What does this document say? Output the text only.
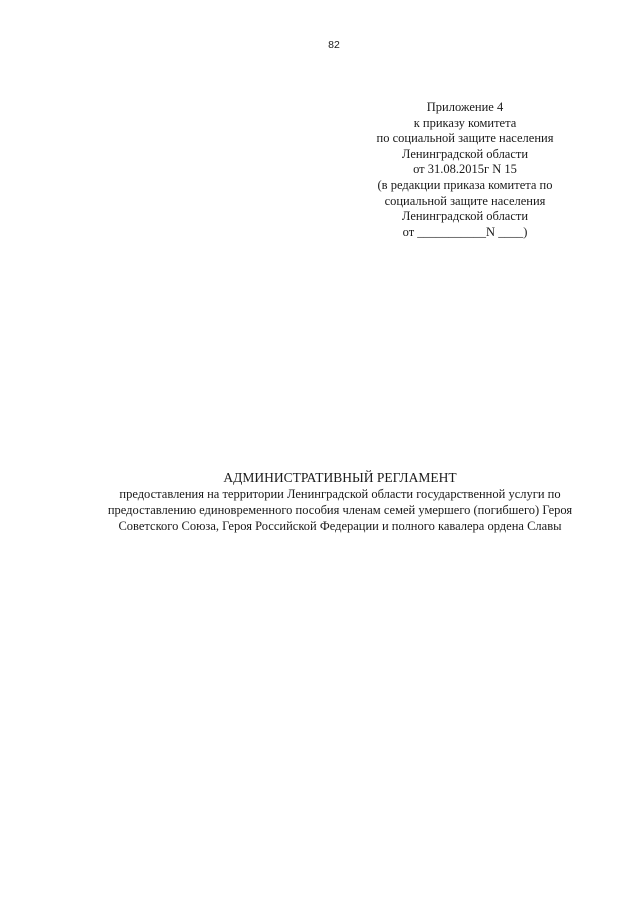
82
Приложение 4
к приказу комитета
по социальной защите населения
Ленинградской области
от 31.08.2015г N 15
(в редакции приказа комитета по
социальной защите населения
Ленинградской области
от ___________N ____)
АДМИНИСТРАТИВНЫЙ РЕГЛАМЕНТ
предоставления на территории Ленинградской области государственной услуги по
предоставлению единовременного пособия членам семей умершего (погибшего) Героя
Советского Союза, Героя Российской Федерации и полного кавалера ордена Славы
